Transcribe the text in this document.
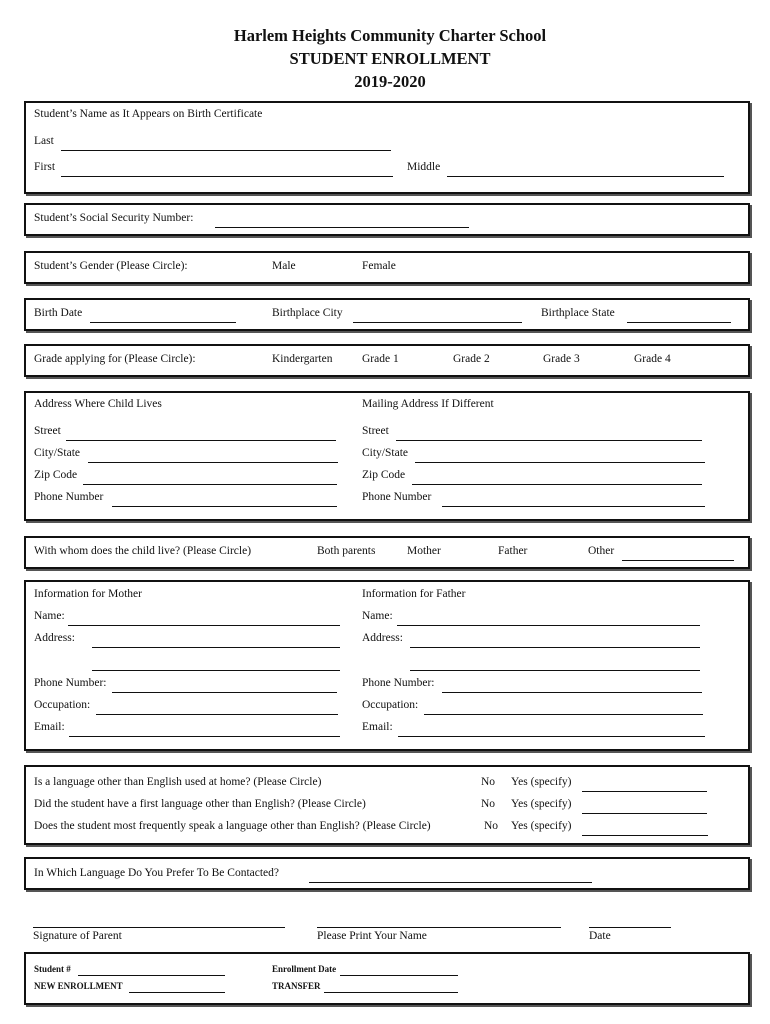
Harlem Heights Community Charter School
STUDENT ENROLLMENT
2019-2020
Student’s Name as It Appears on Birth Certificate
Last
First	Middle
Student’s Social Security Number:
Student’s Gender (Please Circle):	Male	Female
Birth Date	Birthplace City	Birthplace State
Grade applying for (Please Circle):	Kindergarten	Grade 1	Grade 2	Grade 3	Grade 4
Address Where Child Lives	Mailing Address If Different
Street	Street
City/State	City/State
Zip Code	Zip Code
Phone Number	Phone Number
With whom does the child live? (Please Circle)	Both parents	Mother	Father	Other
Information for Mother	Information for Father
Name:	Name:
Address:	Address:
Phone Number:	Phone Number:
Occupation:	Occupation:
Email:	Email:
Is a language other than English used at home? (Please Circle)	No Yes (specify)
Did the student have a first language other than English? (Please Circle)	No Yes (specify)
Does the student most frequently speak a language other than English? (Please Circle)	No Yes (specify)
In Which Language Do You Prefer To Be Contacted?
Signature of Parent	Please Print Your Name	Date
Student #	Enrollment Date
NEW ENROLLMENT	TRANSFER
